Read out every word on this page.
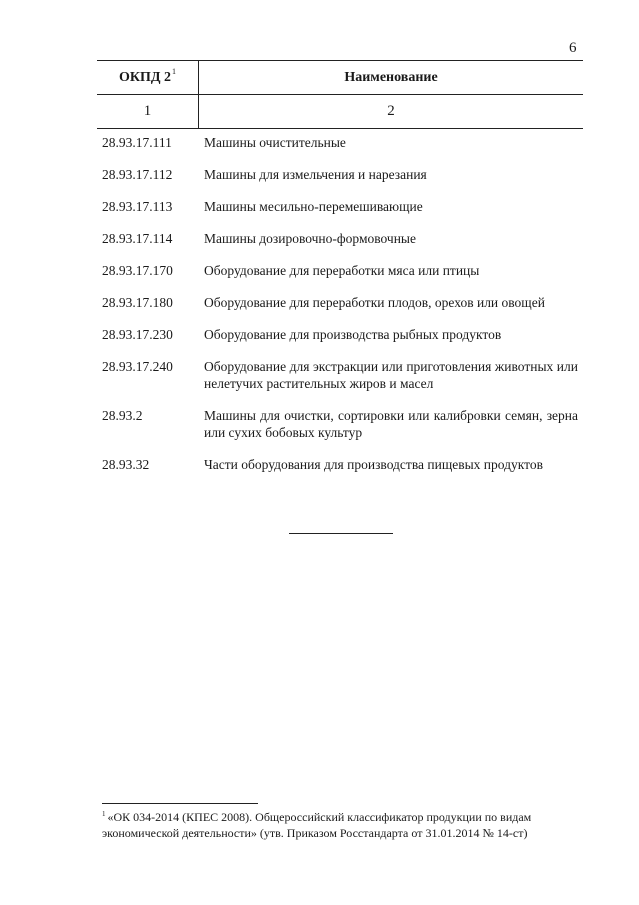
6
ОКПД $2^1$	Наименование
1	2
28.93.17.111	Машины очистительные
28.93.17.112	Машины для измельчения и нарезания
28.93.17.113	Машины месильно-перемешивающие
28.93.17.114	Машины дозировочно-формовочные
28.93.17.170	Оборудование для переработки мяса или птицы
28.93.17.180	Оборудование для переработки плодов, орехов или овощей
28.93.17.230	Оборудование для производства рыбных продуктов
28.93.17.240	Оборудование для экстракции или приготовления животных или нелетучих растительных жиров и масел
28.93.2	Машины для очистки, сортировки или калибровки семян, зерна или сухих бобовых культур
28.93.32	Части оборудования для производства пищевых продуктов
$^1$ «ОК 034-2014 (КПЕС 2008). Общероссийский классификатор продукции по видам экономической деятельности» (утв. Приказом Росстандарта от 31.01.2014 № 14-ст)
